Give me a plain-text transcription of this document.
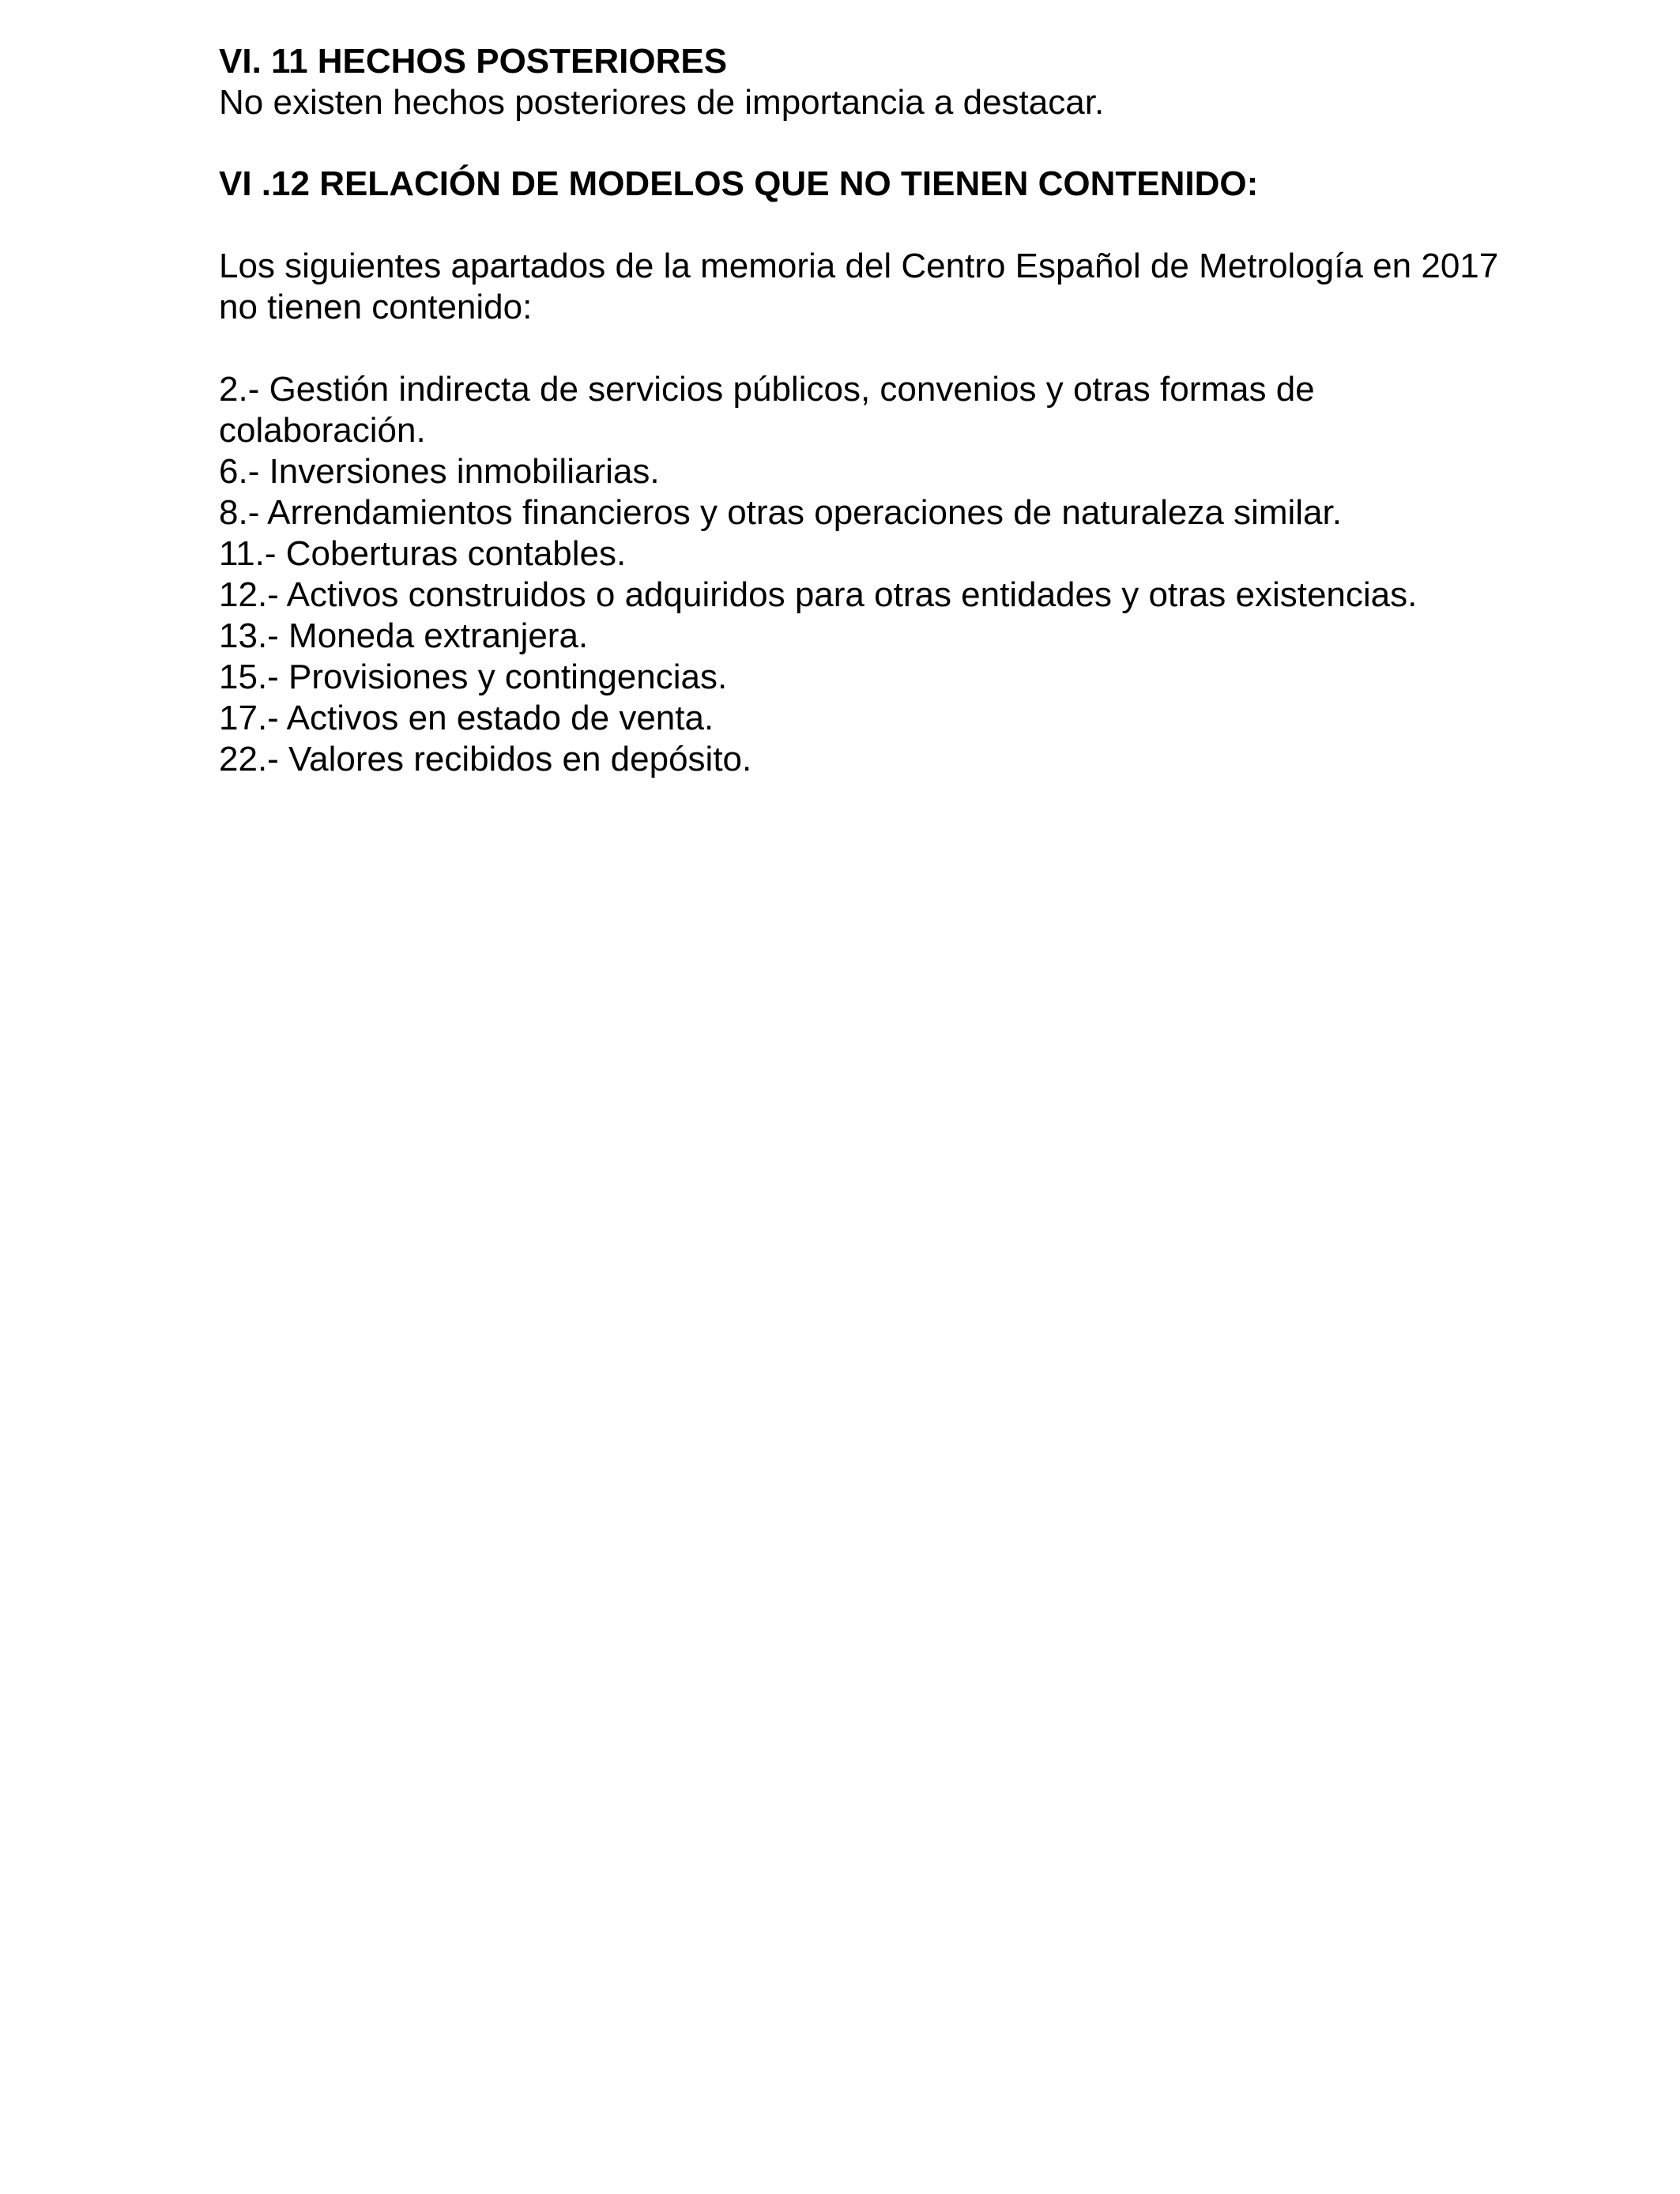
VI. 11 HECHOS POSTERIORES

No existen hechos posteriores de importancia a destacar.

VI .12 RELACIÓN DE MODELOS QUE NO TIENEN CONTENIDO:

Los siguientes apartados de la memoria del Centro Español de Metrología en 2017 no tienen contenido:

2.- Gestión indirecta de servicios públicos, convenios y otras formas de colaboración.
6.- Inversiones inmobiliarias.
8.- Arrendamientos financieros y otras operaciones de naturaleza similar.
11.- Coberturas contables.
12.- Activos construidos o adquiridos para otras entidades y otras existencias.
13.- Moneda extranjera.
15.- Provisiones y contingencias.
17.- Activos en estado de venta.
22.- Valores recibidos en depósito.
